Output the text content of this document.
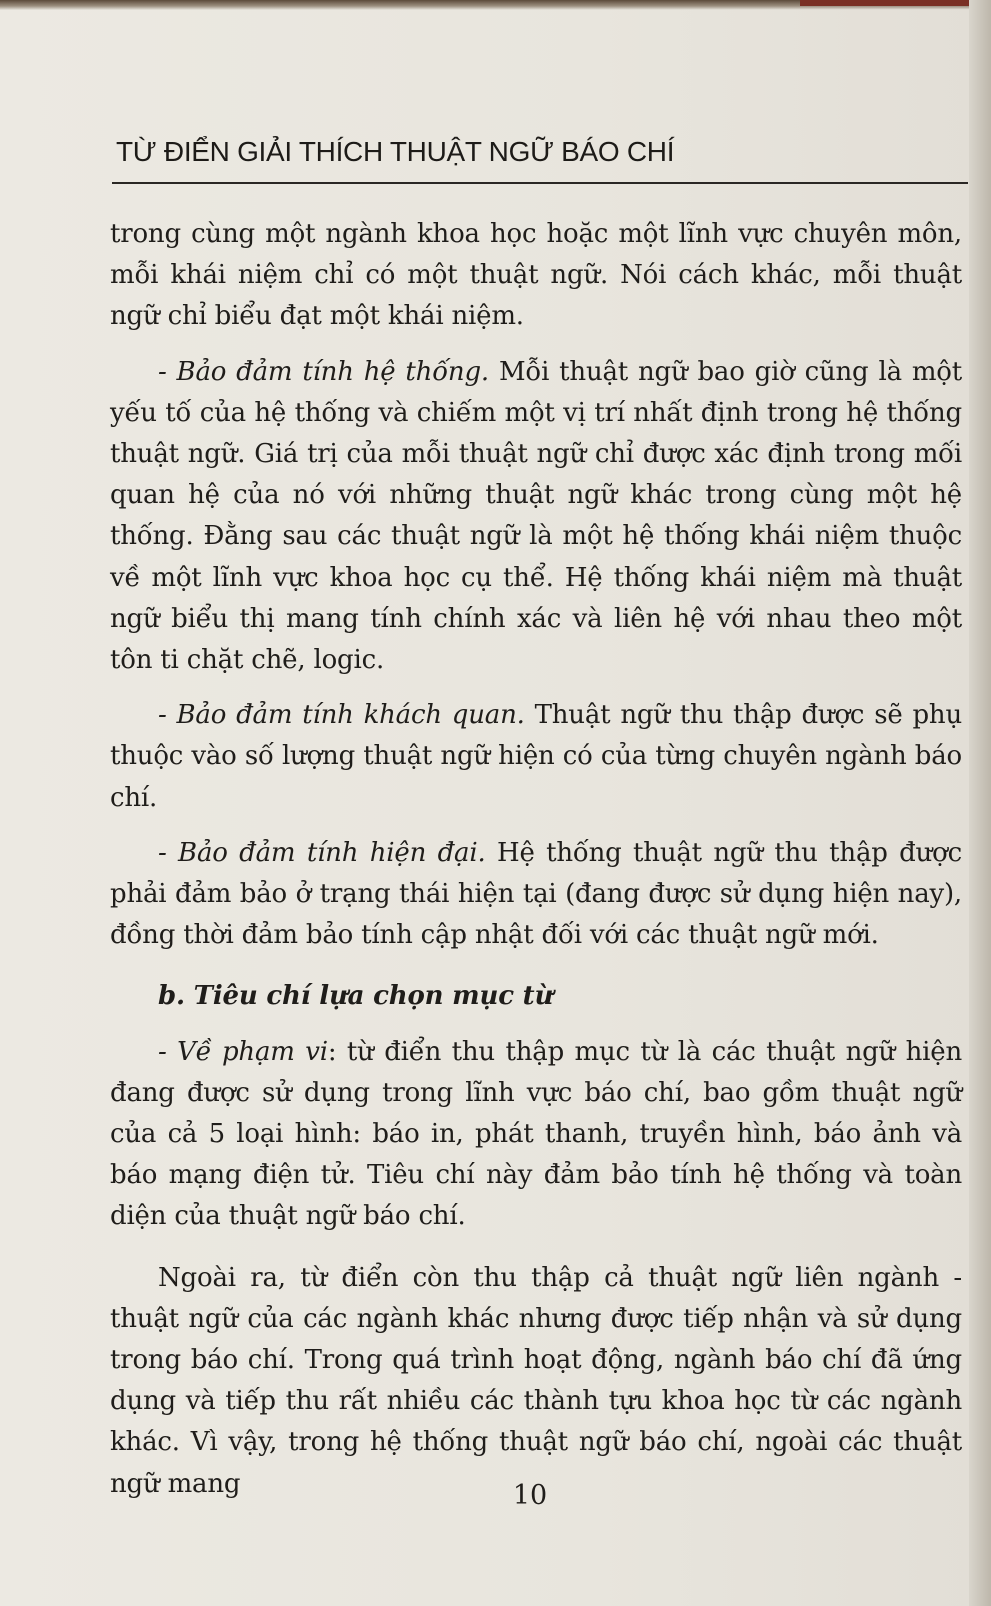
TỪ ĐIỂN GIẢI THÍCH THUẬT NGỮ BÁO CHÍ

trong cùng một ngành khoa học hoặc một lĩnh vực chuyên môn, mỗi khái niệm chỉ có một thuật ngữ. Nói cách khác, mỗi thuật ngữ chỉ biểu đạt một khái niệm.

- Bảo đảm tính hệ thống. Mỗi thuật ngữ bao giờ cũng là một yếu tố của hệ thống và chiếm một vị trí nhất định trong hệ thống thuật ngữ. Giá trị của mỗi thuật ngữ chỉ được xác định trong mối quan hệ của nó với những thuật ngữ khác trong cùng một hệ thống. Đằng sau các thuật ngữ là một hệ thống khái niệm thuộc về một lĩnh vực khoa học cụ thể. Hệ thống khái niệm mà thuật ngữ biểu thị mang tính chính xác và liên hệ với nhau theo một tôn ti chặt chẽ, logic.

- Bảo đảm tính khách quan. Thuật ngữ thu thập được sẽ phụ thuộc vào số lượng thuật ngữ hiện có của từng chuyên ngành báo chí.

- Bảo đảm tính hiện đại. Hệ thống thuật ngữ thu thập được phải đảm bảo ở trạng thái hiện tại (đang được sử dụng hiện nay), đồng thời đảm bảo tính cập nhật đối với các thuật ngữ mới.

b. Tiêu chí lựa chọn mục từ

- Về phạm vi: từ điển thu thập mục từ là các thuật ngữ hiện đang được sử dụng trong lĩnh vực báo chí, bao gồm thuật ngữ của cả 5 loại hình: báo in, phát thanh, truyền hình, báo ảnh và báo mạng điện tử. Tiêu chí này đảm bảo tính hệ thống và toàn diện của thuật ngữ báo chí.

Ngoài ra, từ điển còn thu thập cả thuật ngữ liên ngành - thuật ngữ của các ngành khác nhưng được tiếp nhận và sử dụng trong báo chí. Trong quá trình hoạt động, ngành báo chí đã ứng dụng và tiếp thu rất nhiều các thành tựu khoa học từ các ngành khác. Vì vậy, trong hệ thống thuật ngữ báo chí, ngoài các thuật ngữ mang	10
